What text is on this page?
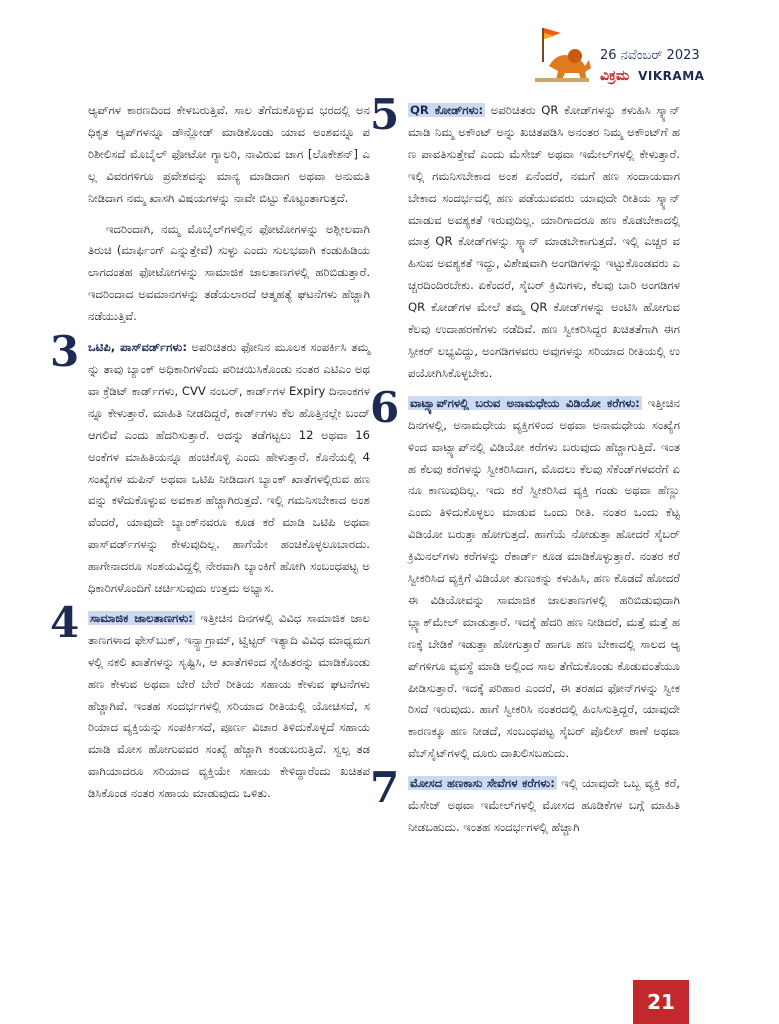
26 ನವೆಂಬರ್ 2023
ವಿಕ್ರಮ VIKRAMA

ಆ್ಯಪ್‌ಗಳ ಕಾರಣದಿಂದ ಕೇಳಬರುತ್ತಿವೆ. ಸಾಲ ತೆಗೆದುಕೊಳ್ಳುವ ಭರದಲ್ಲಿ ಅನಧಿಕೃತ ಆ್ಯಪ್‌ಗಳನ್ನೂ ಡೌನ್ಲೋಡ್ ಮಾಡಿಕೊಂಡು ಯಾವ ಅಂಶವನ್ನೂ ಪರಿಶೀಲಿಸದೆ ಮೊಬೈಲ್ ಫೋಟೋ ಗ್ಯಾಲರಿ, ನಾವಿರುವ ಜಾಗ [ಲೊಕೇಶನ್] ಎಲ್ಲ ವಿವರಗಳಿಗೂ ಪ್ರವೇಶವನ್ನು ಮಾನ್ಯ ಮಾಡಿದಾಗ ಅಥವಾ ಅನುಮತಿ ನೀಡಿದಾಗ ನಮ್ಮ ಖಾಸಗಿ ವಿಷಯಗಳನ್ನು ನಾವೇ ಬಿಟ್ಟು ಕೊಟ್ಟಂತಾಗುತ್ತದೆ.

ಇದರಿಂದಾಗಿ, ನಮ್ಮ ಮೊಬೈಲ್‌ಗಳಲ್ಲಿನ ಫೋಟೋಗಳನ್ನು ಅಶ್ಲೀಲವಾಗಿ ತಿರುಚಿ (ಮಾರ್ಫಿಂಗ್ ಎನ್ನುತ್ತೇವೆ) ಸುಳ್ಳು ಎಂದು ಸುಲಭವಾಗಿ ಕಂಡುಹಿಡಿಯಲಾಗದಂತಹ ಫೋಟೋಗಳನ್ನು ಸಾಮಾಜಿಕ ಜಾಲತಾಣಗಳಲ್ಲಿ ಹರಿಬಿಡುತ್ತಾರೆ. ಇದರಿಂದಾದ ಅವಮಾನಗಳನ್ನು ತಡೆಯಲಾರದೆ ಆತ್ಮಹತ್ಯೆ ಘಟನೆಗಳು ಹೆಚ್ಚಾಗಿ ನಡೆಯುತ್ತಿವೆ.

3 ಒಟಿಪಿ, ಪಾಸ್‌ವರ್ಡ್‌ಗಳು: ಅಪರಿಚಿತರು ಫೋನಿನ ಮೂಲಕ ಸಂಪರ್ಕಿಸಿ ತಮ್ಮನ್ನು ತಾವು ಬ್ಯಾಂಕ್ ಅಧಿಕಾರಿಗಳೆಂದು ಪರಿಚಯಿಸಿಕೊಂಡು ನಂತರ ಎಟಿಎಂ ಅಥವಾ ಕ್ರೆಡಿಟ್ ಕಾರ್ಡ್‌ಗಳು, CVV ನಂಬರ್, ಕಾರ್ಡ್‌ಗಳ Expiry ದಿನಾಂಕಗಳನ್ನೂ ಕೇಳುತ್ತಾರೆ. ಮಾಹಿತಿ ನೀಡದಿದ್ದರೆ, ಕಾರ್ಡ್‌ಗಳು ಕೆಲ ಹೊತ್ತಿನಲ್ಲೇ ಬಂದ್ ಆಗಲಿವೆ ಎಂದು ಹೆದರಿಸುತ್ತಾರೆ. ಅದನ್ನು ತಡೆಗಟ್ಟಲು 12 ಅಥವಾ 16 ಅಂಕೆಗಳ ಮಾಹಿತಿಯನ್ನೂ ಹಂಚಿಕೊಳ್ಳಿ ಎಂದು ಹೇಳುತ್ತಾರೆ. ಕೊನೆಯಲ್ಲಿ 4 ಸಂಖ್ಯೆಗಳ ಮಪಿನ್ ಅಥವಾ ಒಟಿಪಿ ನೀಡಿದಾಗ ಬ್ಯಾಂಕ್ ಖಾತೆಗಳಲ್ಲಿರುವ ಹಣವನ್ನು ಕಳೆದುಕೊಳ್ಳುವ ಅವಕಾಶ ಹೆಚ್ಚಾಗಿರುತ್ತದೆ. ಇಲ್ಲಿ ಗಮನಿಸಬೇಕಾದ ಅಂಶವೆಂದರೆ, ಯಾವುದೇ ಬ್ಯಾಂಕ್‌ನವರೂ ಕೂಡ ಕರೆ ಮಾಡಿ ಒಟಿಪಿ ಅಥವಾ ಪಾಸ್‌ವರ್ಡ್‌ಗಳನ್ನು ಕೇಳುವುದಿಲ್ಲ. ಹಾಗೆಯೇ ಹಂಚಿಕೊಳ್ಳಲೂಬಾರದು. ಹಾಗೇನಾದರೂ ಸಂಶಯವಿದ್ದಲ್ಲಿ ನೇರವಾಗಿ ಬ್ಯಾಂಕಿಗೆ ಹೋಗಿ ಸಂಬಂಧಪಟ್ಟ ಅಧಿಕಾರಿಗಳೊಂದಿಗೆ ಚರ್ಚಿಸುವುದು ಉತ್ತಮ ಅಭ್ಯಾಸ.

4 ಸಾಮಾಜಿಕ ಜಾಲತಾಣಗಳು: ಇತ್ತೀಚಿನ ದಿನಗಳಲ್ಲಿ ವಿವಿಧ ಸಾಮಾಜಿಕ ಜಾಲತಾಣಗಳಾದ ಫೇಸ್‌ಬುಕ್, ಇನ್ಸ್ಟಾಗ್ರಾಮ್, ಟ್ವಿಟ್ಟರ್ ಇತ್ಯಾದಿ ವಿವಿಧ ಮಾಧ್ಯಮಗಳಲ್ಲಿ ನಕಲಿ ಖಾತೆಗಳನ್ನು ಸೃಷ್ಟಿಸಿ, ಆ ಖಾತೆಗಳಿಂದ ಸ್ನೇಹಿತರನ್ನು ಮಾಡಿಕೊಂಡು ಹಣ ಕೇಳುವ ಅಥವಾ ಬೇರೆ ಬೇರೆ ರೀತಿಯ ಸಹಾಯ ಕೇಳುವ ಘಟನೆಗಳು ಹೆಚ್ಚಾಗಿವೆ. ಇಂತಹ ಸಂದರ್ಭಗಳಲ್ಲಿ ಸರಿಯಾದ ರೀತಿಯಲ್ಲಿ ಯೋಚಿಸದೆ, ಸರಿಯಾದ ವ್ಯಕ್ತಿಯನ್ನು ಸಂಪರ್ಕಿಸದೆ, ಪೂರ್ಣ ವಿಚಾರ ತಿಳಿದುಕೊಳ್ಳದೆ ಸಹಾಯ ಮಾಡಿ ಮೋಸ ಹೋಗುವವರ ಸಂಖ್ಯೆ ಹೆಚ್ಚಾಗಿ ಕಂಡುಬರುತ್ತಿದೆ. ಸ್ವಲ್ಪ ತಡವಾಗಿಯಾದರೂ ಸರಿಯಾದ ವ್ಯಕ್ತಿಯೇ ಸಹಾಯ ಕೇಳಿದ್ದಾರೆಂದು ಖಚಿತಪಡಿಸಿಕೊಂಡ ನಂತರ ಸಹಾಯ ಮಾಡುವುದು ಒಳಿತು.

5 QR ಕೋಡ್‌ಗಳು: ಅಪರಿಚಿತರು QR ಕೋಡ್‌ಗಳನ್ನು ಕಳುಹಿಸಿ ಸ್ಕ್ಯಾನ್ ಮಾಡಿ ನಿಮ್ಮ ಅಕೌಂಟ್ ಅನ್ನು ಖಚಿತಪಡಿಸಿ ಅನಂತರ ನಿಮ್ಮ ಅಕೌಂಟ್‌ಗೆ ಹಣ ಪಾವತಿಸುತ್ತೇವೆ ಎಂದು ಮೆಸೇಜ್ ಅಥವಾ ಇಮೇಲ್‌ಗಳಲ್ಲಿ ಕೇಳುತ್ತಾರೆ. ಇಲ್ಲಿ ಗಮನಿಸಬೇಕಾದ ಅಂಶ ಏನೆಂದರೆ, ನಮಗೆ ಹಣ ಸಂದಾಯವಾಗಬೇಕಾದ ಸಂದರ್ಭದಲ್ಲಿ ಹಣ ಪಡೆಯುವವರು ಯಾವುದೇ ರೀತಿಯ ಸ್ಕ್ಯಾನ್ ಮಾಡುವ ಅವಶ್ಯಕತೆ ಇರುವುದಿಲ್ಲ. ಯಾರಿಗಾದರೂ ಹಣ ಕೊಡಬೇಕಾದಲ್ಲಿ ಮಾತ್ರ QR ಕೋಡ್‌ಗಳನ್ನು ಸ್ಕ್ಯಾನ್ ಮಾಡಬೇಕಾಗುತ್ತದೆ. ಇಲ್ಲಿ ಎಚ್ಚರ ವಹಿಸುವ ಅವಶ್ಯಕತೆ ಇದ್ದು, ವಿಶೇಷವಾಗಿ ಅಂಗಡಿಗಳನ್ನು ಇಟ್ಟುಕೊಂಡವರು ಎಚ್ಚರದಿಂದಿರಬೇಕು. ಏಕೆಂದರೆ, ಸೈಬರ್ ಕ್ರಿಮಿಗಳು, ಕೆಲವು ಬಾರಿ ಅಂಗಡಿಗಳ QR ಕೋಡ್‌ಗಳ ಮೇಲೆ ತಮ್ಮ QR ಕೋಡ್‌ಗಳನ್ನು ಅಂಟಿಸಿ ಹೋಗುವ ಕೆಲವು ಉದಾಹರಣೆಗಳು ನಡೆದಿವೆ. ಹಣ ಸ್ವೀಕರಿಸಿದ್ದರ ಖಚಿತತೆಗಾಗಿ ಈಗ ಸ್ಪೀಕರ್ ಲಭ್ಯವಿದ್ದು, ಅಂಗಡಿಗಳವರು ಅವುಗಳನ್ನು ಸರಿಯಾದ ರೀತಿಯಲ್ಲಿ ಉಪಯೋಗಿಸಿಕೊಳ್ಳಬೇಕು.

6 ವಾಟ್ಸ್ಯಾಪ್‌ಗಳಲ್ಲಿ ಬರುವ ಅನಾಮಧೇಯ ವಿಡಿಯೋ ಕರೆಗಳು: ಇತ್ತೀಚಿನ ದಿನಗಳಲ್ಲಿ, ಅನಾಮಧೇಯ ವ್ಯಕ್ತಿಗಳಿಂದ ಅಥವಾ ಅನಾಮಧೇಯ ಸಂಖ್ಯೆಗಳಿಂದ ವಾಟ್ಸ್ಯಾಪ್‌ನಲ್ಲಿ ವಿಡಿಯೋ ಕರೆಗಳು ಬರುವುದು ಹೆಚ್ಚಾಗುತ್ತಿದೆ. ಇಂತಹ ಕೆಲವು ಕರೆಗಳನ್ನು ಸ್ವೀಕರಿಸಿದಾಗ, ಮೊದಲು ಕೆಲವು ಸೆಕೆಂಡ್‌ಗಳವರೆಗೆ ಏನೂ ಕಾಣುವುದಿಲ್ಲ. ಇದು ಕರೆ ಸ್ವೀಕರಿಸಿದ ವ್ಯಕ್ತಿ ಗಂಡು ಅಥವಾ ಹೆಣ್ಣು ಎಂದು ತಿಳಿದುಕೊಳ್ಳಲು ಮಾಡುವ ಒಂದು ರೀತಿ. ನಂತರ ಒಂದು ಕೆಟ್ಟ ವಿಡಿಯೋ ಬರುತ್ತಾ ಹೋಗುತ್ತದೆ. ಹಾಗೆಯೆ ನೋಡುತ್ತಾ ಹೋದರೆ ಸೈಬರ್ ಕ್ರಿಮಿನಲ್‌ಗಳು ಕರೆಗಳನ್ನು ರೆಕಾರ್ಡ್ ಕೂಡ ಮಾಡಿಕೊಳ್ಳುತ್ತಾರೆ. ನಂತರ ಕರೆ ಸ್ವೀಕರಿಸಿದ ವ್ಯಕ್ತಿಗೆ ವಿಡಿಯೋ ತುಣುಕನ್ನು ಕಳುಹಿಸಿ, ಹಣ ಕೊಡದೆ ಹೋದರೆ ಈ ವಿಡಿಯೋವನ್ನು ಸಾಮಾಜಿಕ ಜಾಲತಾಣಗಳಲ್ಲಿ ಹರಿಬಿಡುವುದಾಗಿ ಬ್ಲ್ಯಾಕ್‌ಮೇಲ್ ಮಾಡುತ್ತಾರೆ. ಇದಕ್ಕೆ ಹೆದರಿ ಹಣ ನೀಡಿದರೆ, ಮತ್ತೆ ಮತ್ತೆ ಹಣಕ್ಕೆ ಬೇಡಿಕೆ ಇಡುತ್ತಾ ಹೋಗುತ್ತಾರೆ ಹಾಗೂ ಹಣ ಬೇಕಾದಲ್ಲಿ ಸಾಲದ ಆ್ಯಪ್‌ಗಳಿಗೂ ವ್ಯವಸ್ಥೆ ಮಾಡಿ ಅಲ್ಲಿಂದ ಸಾಲ ತೆಗೆದುಕೊಂಡು ಕೊಡುವಂತೆಯೂ ಪೀಡಿಸುತ್ತಾರೆ. ಇದಕ್ಕೆ ಪರಿಹಾರ ಎಂದರೆ, ಈ ತರಹದ ಫೋನ್‌ಗಳನ್ನು ಸ್ವೀಕರಿಸದೆ ಇರುವುದು. ಹಾಗೆ ಸ್ವೀಕರಿಸಿ ನಂತರದಲ್ಲಿ ಹಿಂಸಿಸುತ್ತಿದ್ದರೆ, ಯಾವುದೇ ಕಾರಣಕ್ಕೂ ಹಣ ನೀಡದೆ, ಸಂಬಂಧಪಟ್ಟ ಸೈಬರ್ ಪೊಲೀಸ್ ಠಾಣೆ ಅಥವಾ ವೆಬ್‌ಸೈಟ್‌ಗಳಲ್ಲಿ ದೂರು ದಾಖಲಿಸಬಹುದು.

7 ಮೋಸದ ಹಣಕಾಸು ಸೇವೆಗಳ ಕರೆಗಳು: ಇಲ್ಲಿ ಯಾವುದೇ ಒಬ್ಬ ವ್ಯಕ್ತಿ ಕರೆ, ಮೆಸೇಜ್ ಅಥವಾ ಇಮೇಲ್‌ಗಳಲ್ಲಿ ಮೋಸದ ಹೂಡಿಕೆಗಳ ಬಗ್ಗೆ ಮಾಹಿತಿ ನೀಡಬಹುದು. ಇಂತಹ ಸಂದರ್ಭಗಳಲ್ಲಿ ಹೆಚ್ಚಾಗಿ

21
